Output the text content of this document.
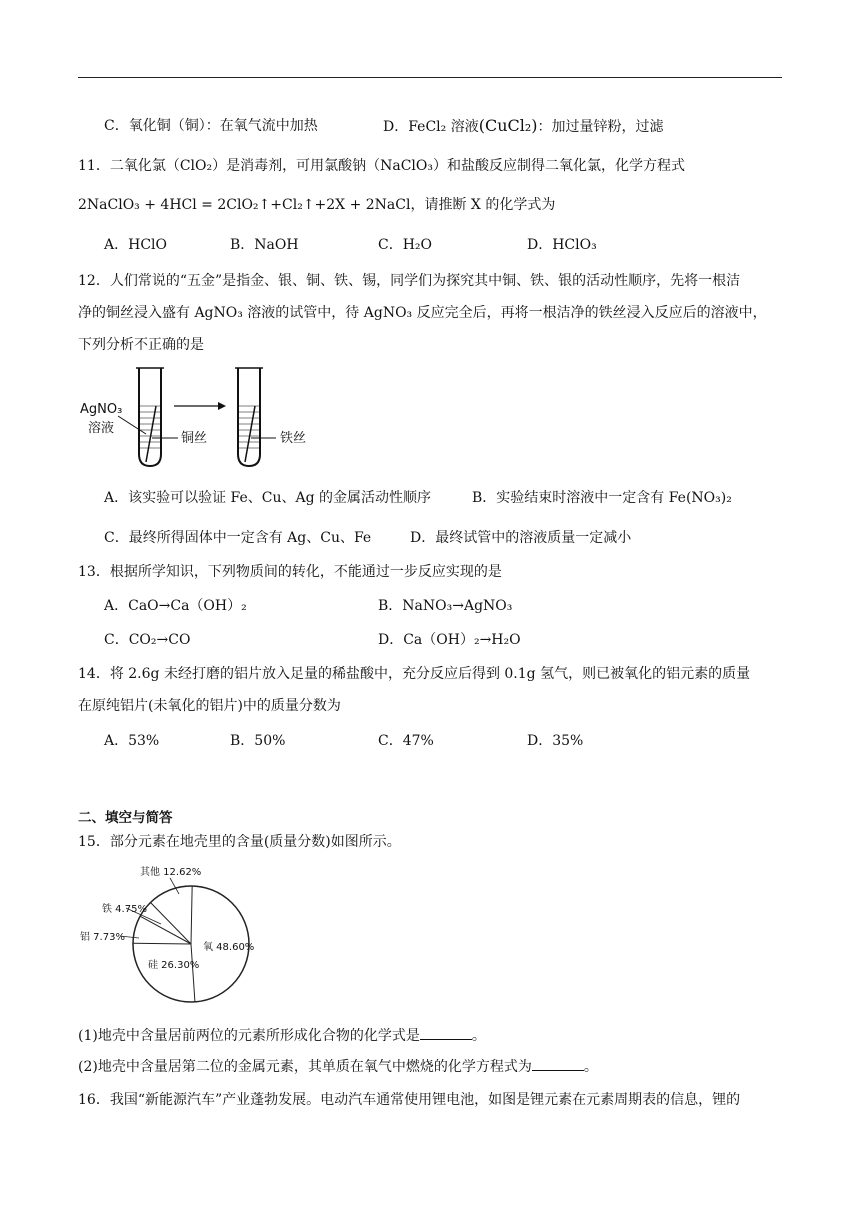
C．氧化铜（铜）：在氧气流中加热	D．FeCl₂ 溶液(CuCl₂)：加过量锌粉，过滤
11．二氧化氯（ClO₂）是消毒剂，可用氯酸钠（NaClO₃）和盐酸反应制得二氧化氯，化学方程式
2NaClO₃ + 4HCl = 2ClO₂↑+Cl₂↑+2X + 2NaCl，请推断 X 的化学式为
A．HClO	B．NaOH	C．H₂O	D．HClO₃
12．人们常说的“五金”是指金、银、铜、铁、锡，同学们为探究其中铜、铁、银的活动性顺序，先将一根洁
净的铜丝浸入盛有 AgNO₃ 溶液的试管中，待 AgNO₃ 反应完全后，再将一根洁净的铁丝浸入反应后的溶液中，
下列分析不正确的是
AgNO₃
溶液
铜丝	铁丝
A．该实验可以验证 Fe、Cu、Ag 的金属活动性顺序	B．实验结束时溶液中一定含有 Fe(NO₃)₂
C．最终所得固体中一定含有 Ag、Cu、Fe	D．最终试管中的溶液质量一定减小
13．根据所学知识，下列物质间的转化，不能通过一步反应实现的是
A．CaO→Ca（OH）₂	B．NaNO₃→AgNO₃
C．CO₂→CO	D．Ca（OH）₂→H₂O
14．将 2.6g 未经打磨的铝片放入足量的稀盐酸中，充分反应后得到 0.1g 氢气，则已被氧化的铝元素的质量
在原纯铝片(未氧化的铝片)中的质量分数为
A．53%	B．50%	C．47%	D．35%
二、填空与简答
15．部分元素在地壳里的含量(质量分数)如图所示。
氧 48.60%
硅 26.30%
铝 7.73%
铁 4.75%
其他 12.62%
(1)地壳中含量居前两位的元素所形成化合物的化学式是	。
(2)地壳中含量居第二位的金属元素，其单质在氧气中燃烧的化学方程式为	。
16．我国“新能源汽车”产业蓬勃发展。电动汽车通常使用锂电池，如图是锂元素在元素周期表的信息，锂的
